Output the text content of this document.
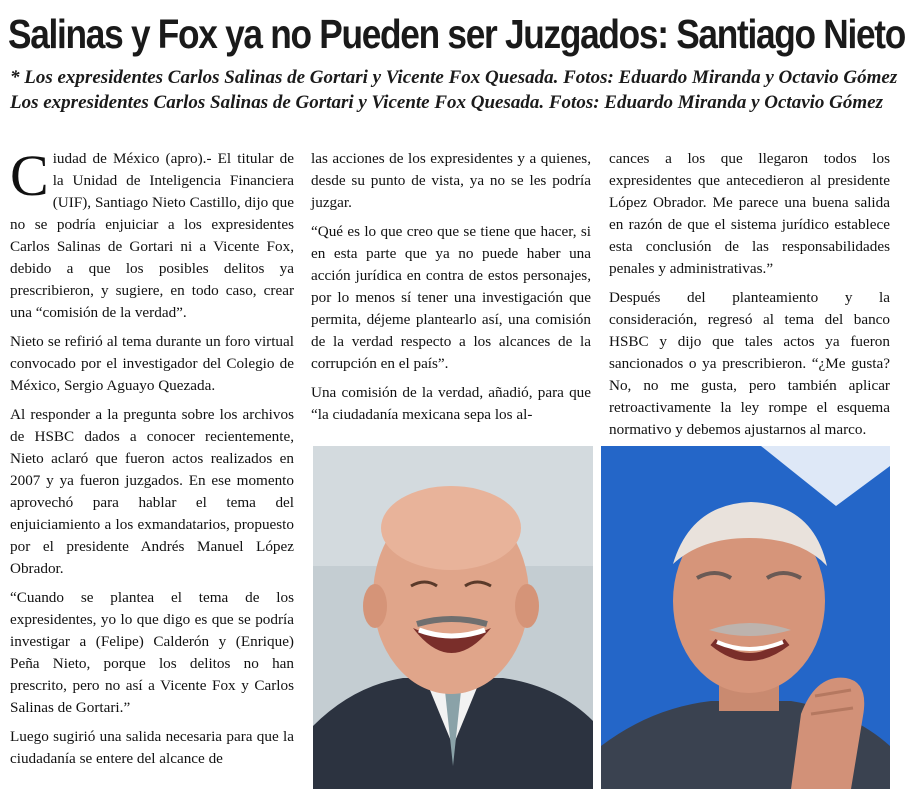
Salinas y Fox ya no Pueden ser Juzgados: Santiago Nieto
* Los expresidentes Carlos Salinas de Gortari y Vicente Fox Quesada. Fotos: Eduardo Miranda y Octavio Gómez Los expresidentes Carlos Salinas de Gortari y Vicente Fox Quesada. Fotos: Eduardo Miranda y Octavio Gómez

Ciudad de México (apro).- El titular de la Unidad de Inteligencia Financiera (UIF), Santiago Nieto Castillo, dijo que no se podría enjuiciar a los expresidentes Carlos Salinas de Gortari ni a Vicente Fox, debido a que los posibles delitos ya prescribieron, y sugiere, en todo caso, crear una “comisión de la verdad”.

Nieto se refirió al tema durante un foro virtual convocado por el investigador del Colegio de México, Sergio Aguayo Quezada.

Al responder a la pregunta sobre los archivos de HSBC dados a conocer recientemente, Nieto aclaró que fueron actos realizados en 2007 y ya fueron juzgados. En ese momento aprovechó para hablar el tema del enjuiciamiento a los exmandatarios, propuesto por el presidente Andrés Manuel López Obrador.

“Cuando se plantea el tema de los expresidentes, yo lo que digo es que se podría investigar a (Felipe) Calderón y (Enrique) Peña Nieto, porque los delitos no han prescrito, pero no así a Vicente Fox y Carlos Salinas de Gortari.”

Luego sugirió una salida necesaria para que la ciudadanía se entere del alcance de

las acciones de los expresidentes y a quienes, desde su punto de vista, ya no se les podría juzgar.

“Qué es lo que creo que se tiene que hacer, si en esta parte que ya no puede haber una acción jurídica en contra de estos personajes, por lo menos sí tener una investigación que permita, déjeme plantearlo así, una comisión de la verdad respecto a los alcances de la corrupción en el país”.

Una comisión de la verdad, añadió, para que “la ciudadanía mexicana sepa los al-

cances a los que llegaron todos los expresidentes que antecedieron al presidente López Obrador. Me parece una buena salida en razón de que el sistema jurídico establece esta conclusión de las responsabilidades penales y administrativas.”

Después del planteamiento y la consideración, regresó al tema del banco HSBC y dijo que tales actos ya fueron sancionados o ya prescribieron. “¿Me gusta? No, no me gusta, pero también aplicar retroactivamente la ley rompe el esquema normativo y debemos ajustarnos al marco.
